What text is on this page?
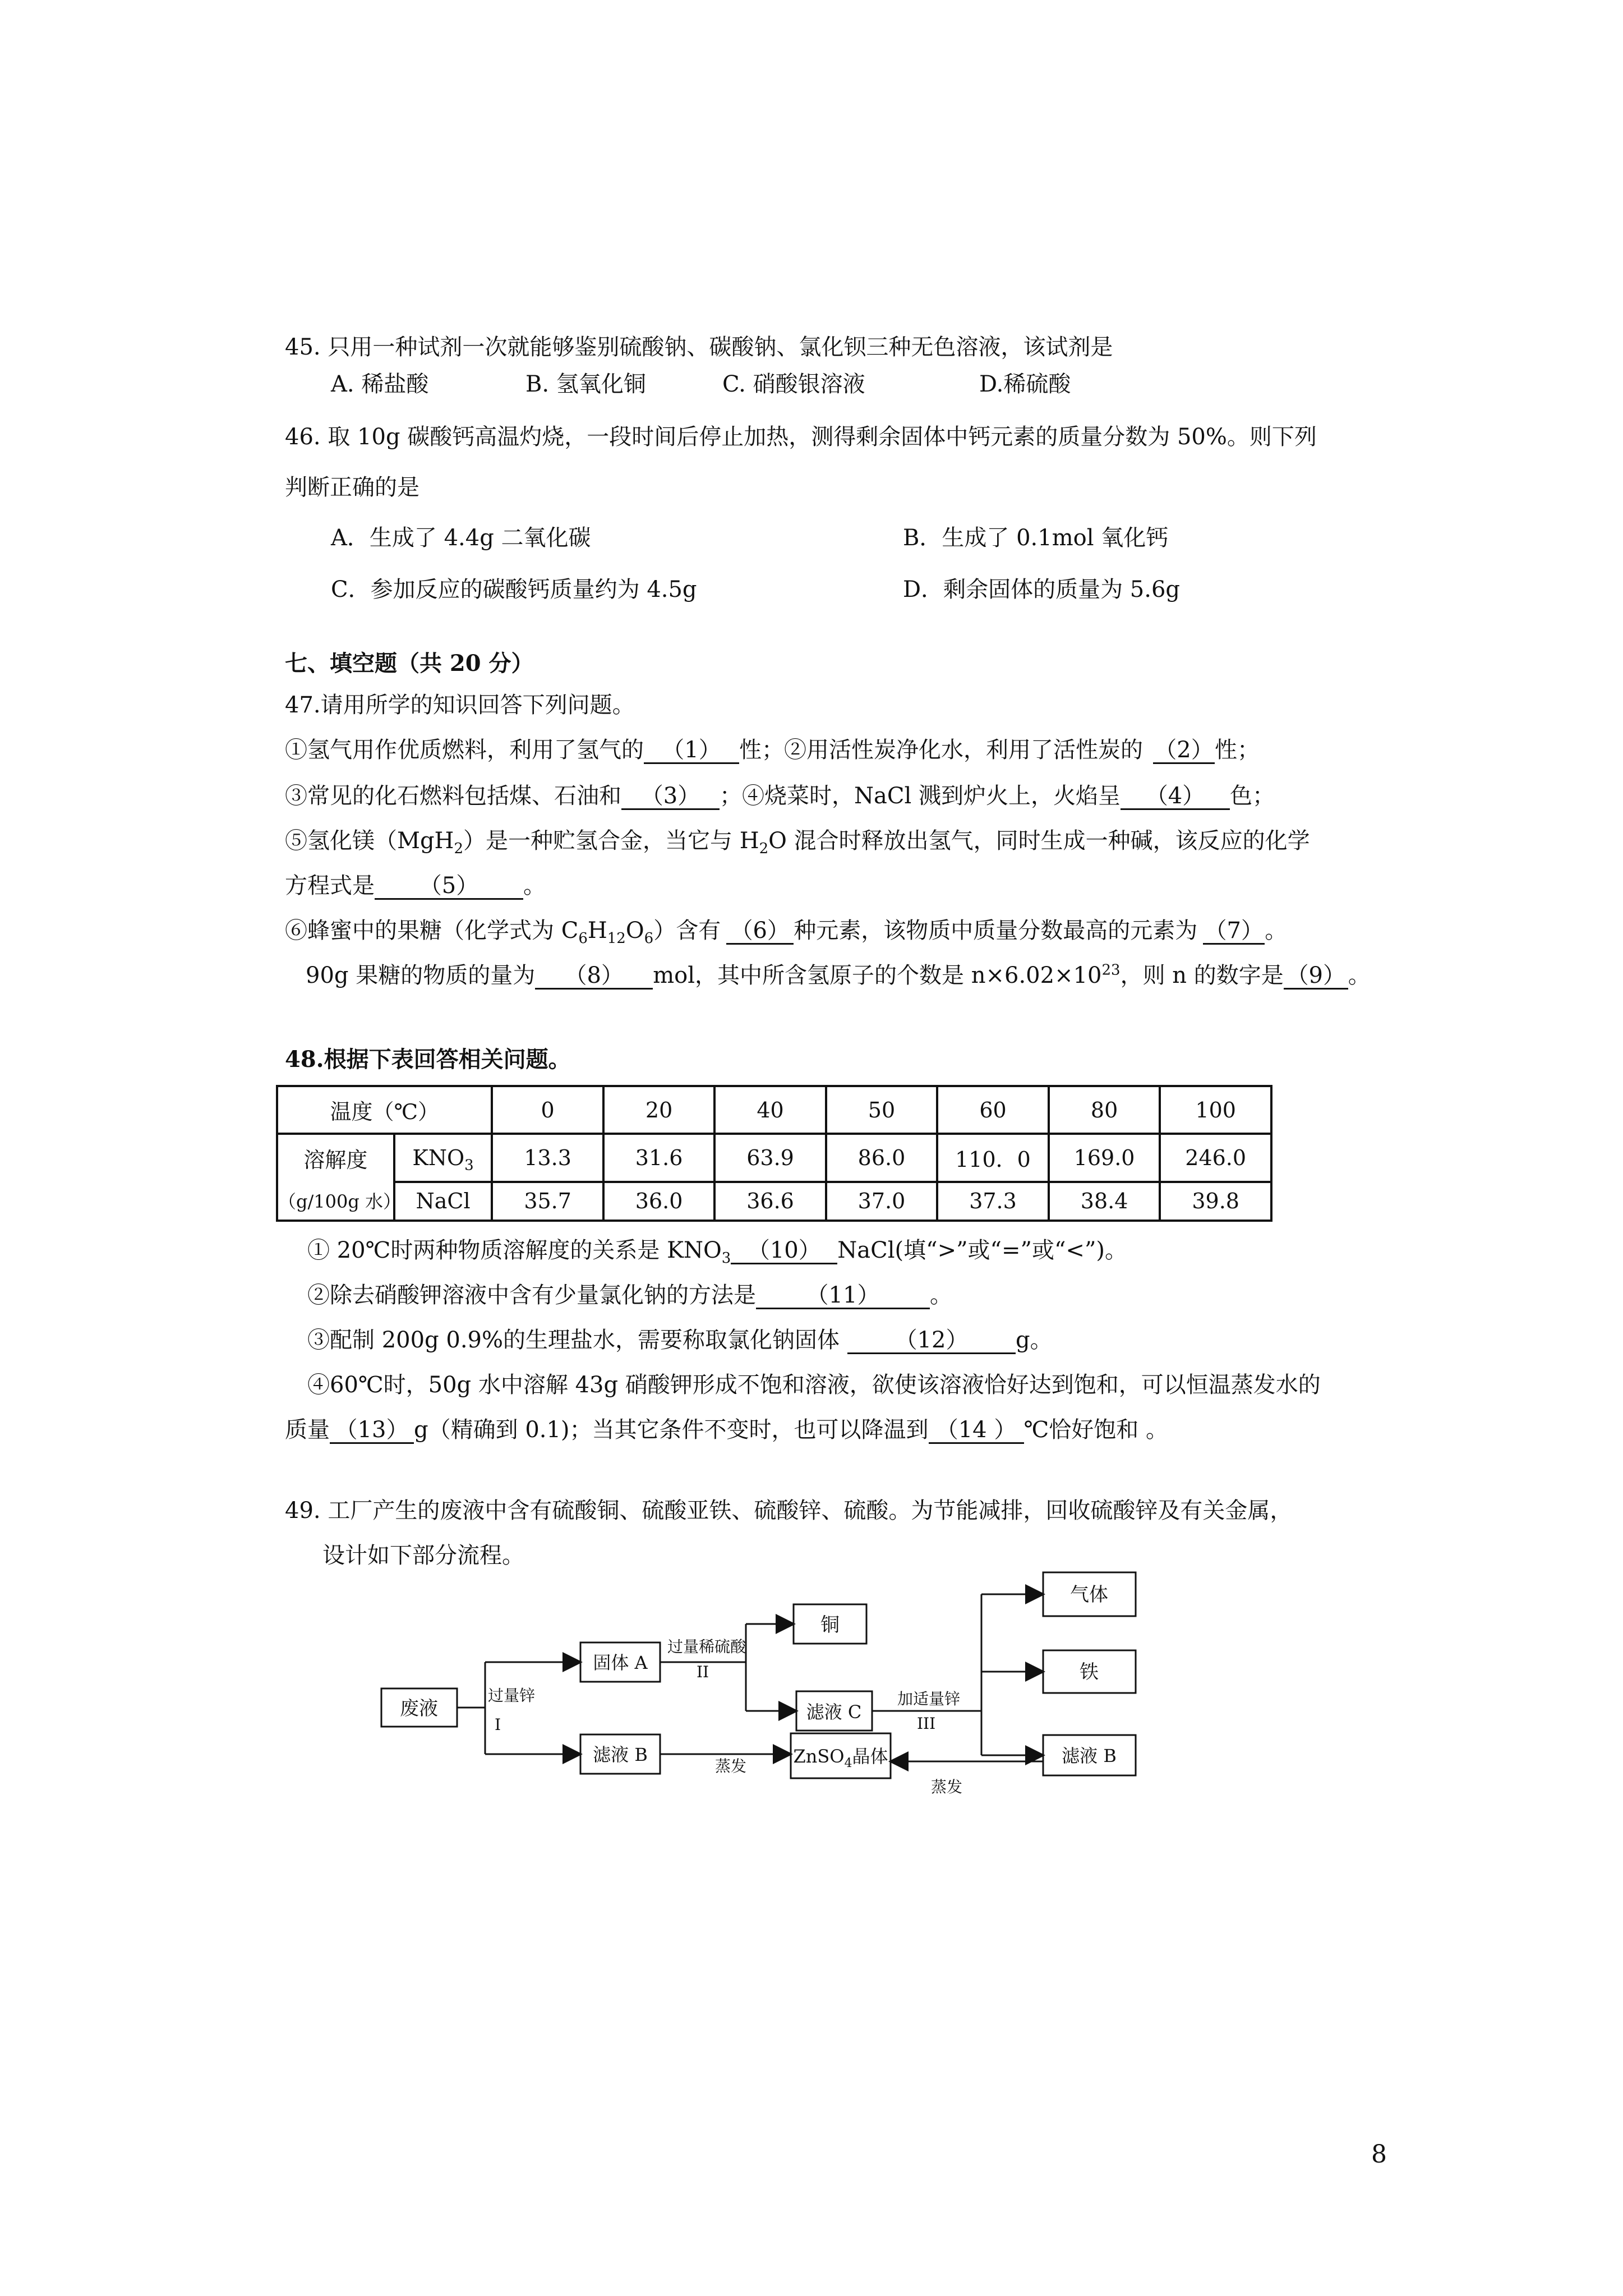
45. 只用一种试剂一次就能够鉴别硫酸钠、碳酸钠、氯化钡三种无色溶液，该试剂是
A. 稀盐酸	B. 氢氧化铜	C. 硝酸银溶液	D.稀硫酸
46. 取 10g 碳酸钙高温灼烧，一段时间后停止加热，测得剩余固体中钙元素的质量分数为 50%。则下列
判断正确的是
A．生成了 4.4g 二氧化碳	B．生成了 0.1mol 氧化钙
C．参加反应的碳酸钙质量约为 4.5g	D．剩余固体的质量为 5.6g
七、填空题（共 20 分）
47.请用所学的知识回答下列问题。
①氢气用作优质燃料，利用了氢气的 （1） 性；②用活性炭净化水，利用了活性炭的 （2）性；
③常见的化石燃料包括煤、石油和 （3） ；④烧菜时，NaCl 溅到炉火上，火焰呈 （4） 色；
⑤氢化镁（MgH$_2$）是一种贮氢合金，当它与 $H_2O$ 混合时释放出氢气，同时生成一种碱，该反应的化学
方程式是 （5） 。
⑥蜂蜜中的果糖（化学式为 $C_6H_{12}O_6$）含有 （6） 种元素，该物质中质量分数最高的元素为 （7）。
90g 果糖的物质的量为 （8） mol，其中所含氢原子的个数是 $n\times 6.02\times 10^{23}$，则 n 的数字是 （9） 。
48.根据下表回答相关问题。
温度（℃）		0	20	40	50	60	80	100
溶解度	$KNO_3$	13.3	31.6	63.9	86.0	110．0	169.0	246.0
（g/100g 水）	NaCl	35.7	36.0	36.6	37.0	37.3	38.4	39.8
① 20℃时两种物质溶解度的关系是 $KNO_3$ （10） NaCl(填“>”或“=”或“<”)。
②除去硝酸钾溶液中含有少量氯化钠的方法是 （11） 。
③配制 200g 0.9%的生理盐水，需要称取氯化钠固体 （12） g。
④60℃时，50g 水中溶解 43g 硝酸钾形成不饱和溶液，欲使该溶液恰好达到饱和，可以恒温蒸发水的
质量 （13） g（精确到 0.1)；当其它条件不变时，也可以降温到 （14 ） ℃恰好饱和 。
49. 工厂产生的废液中含有硫酸铜、硫酸亚铁、硫酸锌、硫酸。为节能减排，回收硫酸锌及有关金属，
设计如下部分流程。
废液
固体 A
滤液 B
铜
滤液 C
ZnSO$_4$晶体
气体
铁
滤液 B
过量锌
I
过量稀硫酸
II
加适量锌
III
蒸发
蒸发
8
